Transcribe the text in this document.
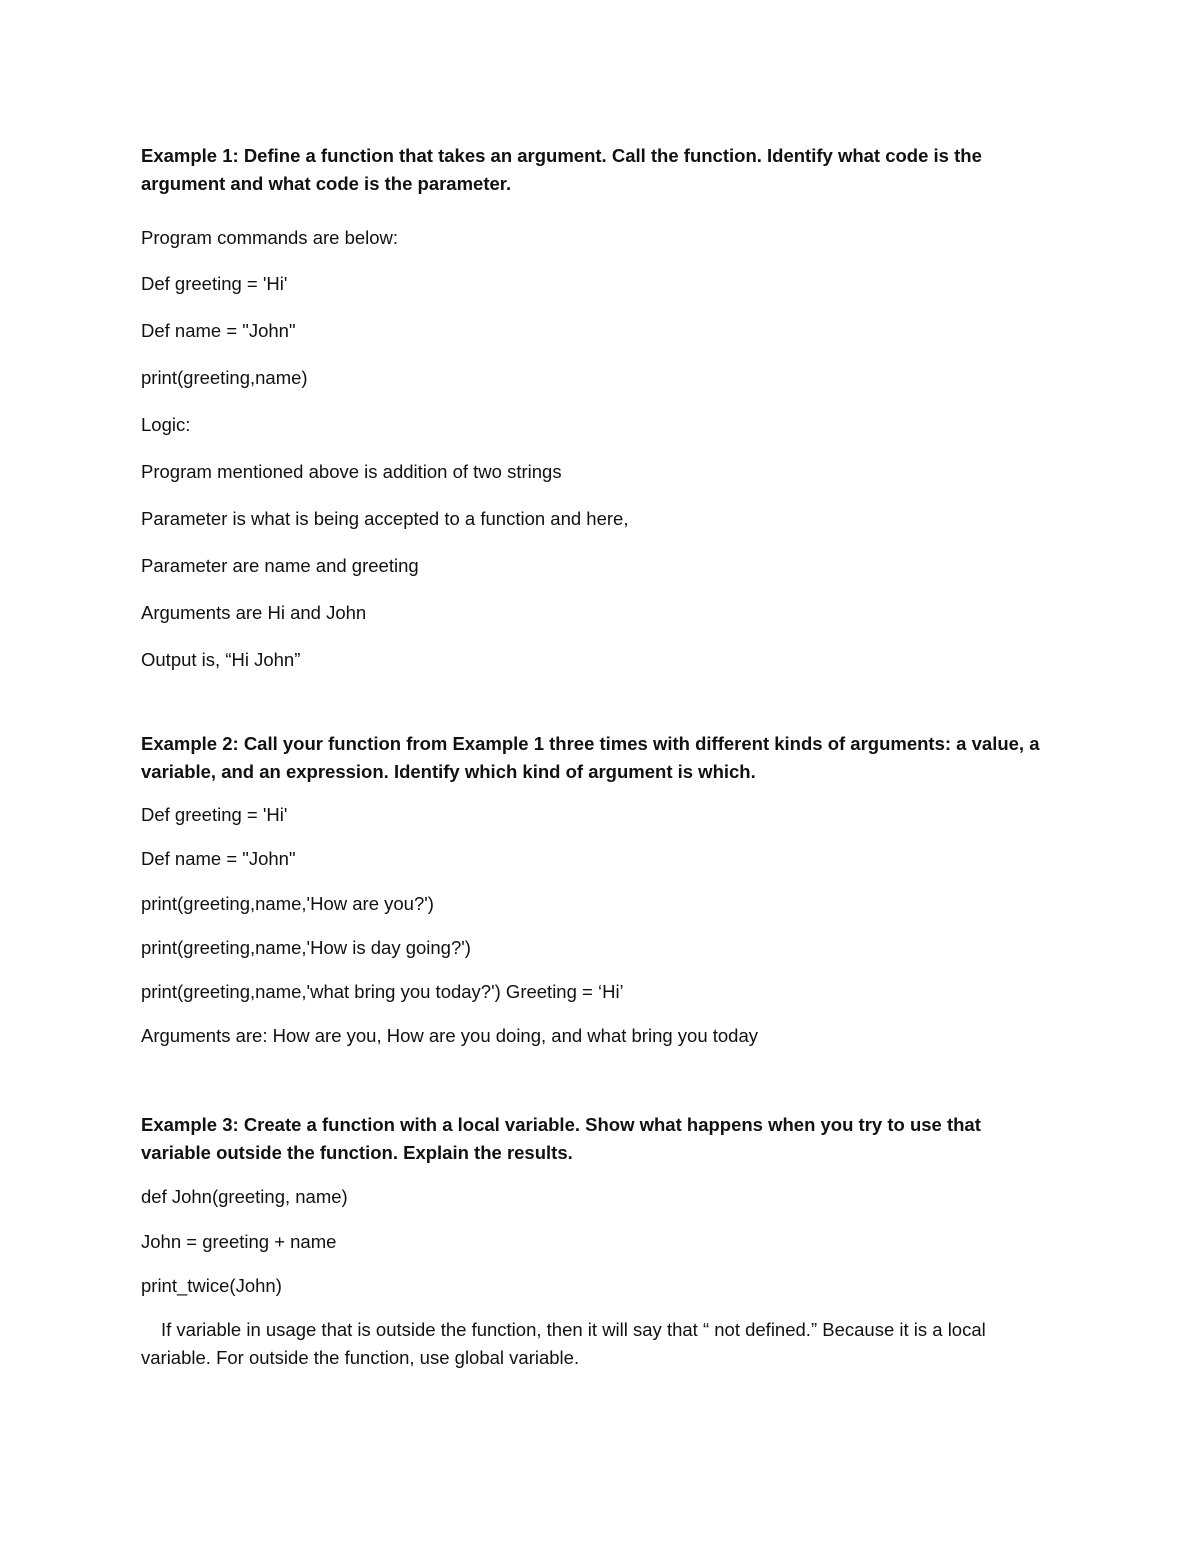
Example 1: Define a function that takes an argument. Call the function. Identify what code is the

argument and what code is the parameter.

Program commands are below:

Def greeting = 'Hi'

Def name = "John"

print(greeting,name)

Logic:

Program mentioned above is addition of two strings

Parameter is what is being accepted to a function and here,

Parameter are name and greeting

Arguments are Hi and John

Output is, “Hi John”

Example 2: Call your function from Example 1 three times with different kinds of arguments: a value, a

variable, and an expression. Identify which kind of argument is which.

Def greeting = 'Hi'

Def name = "John"

print(greeting,name,'How are you?')

print(greeting,name,'How is day going?')

print(greeting,name,'what bring you today?') Greeting = ‘Hi’

Arguments are: How are you, How are you doing, and what bring you today

Example 3: Create a function with a local variable. Show what happens when you try to use that

variable outside the function. Explain the results.

def John(greeting, name)

John = greeting + name

print_twice(John)

If variable in usage that is outside the function, then it will say that “ not defined.” Because it is a local

variable. For outside the function, use global variable.
